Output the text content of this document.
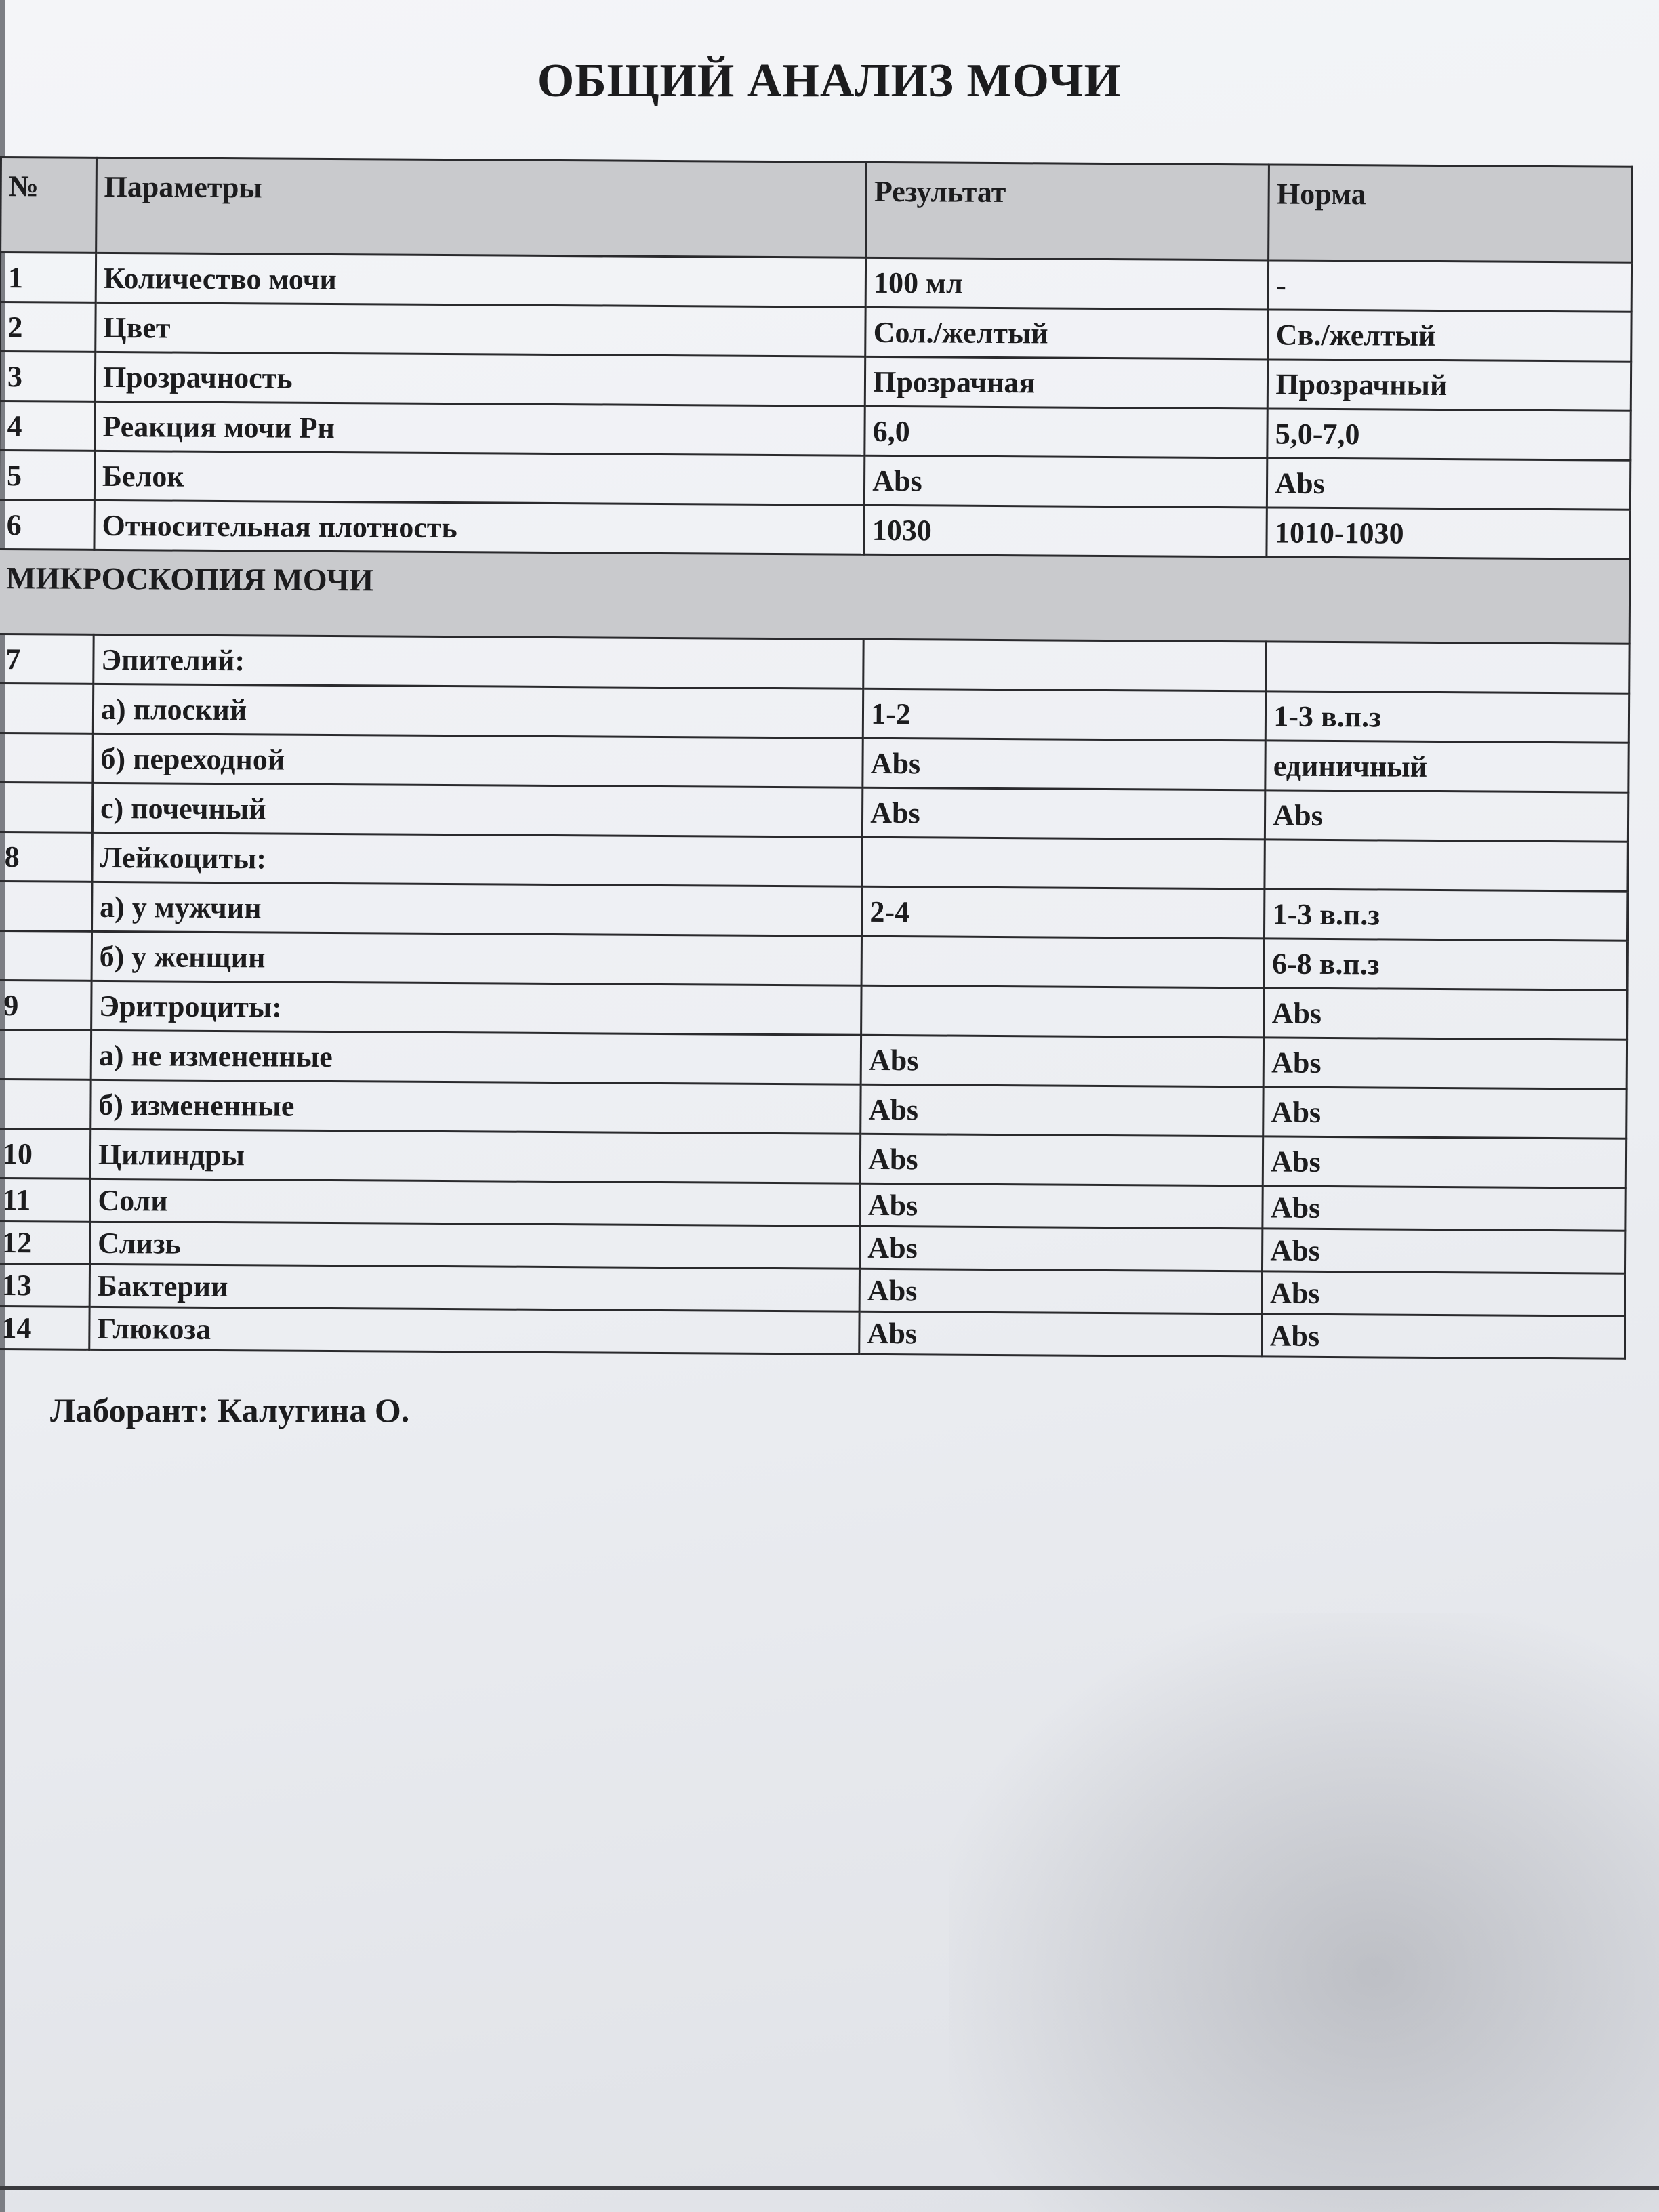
ОБЩИЙ АНАЛИЗ МОЧИ
№	Параметры	Результат	Норма
1	Количество мочи	100 мл	-
2	Цвет	Сол./желтый	Св./желтый
3	Прозрачность	Прозрачная	Прозрачный
4	Реакция мочи Рн	6,0	5,0-7,0
5	Белок	Abs	Abs
6	Относительная плотность	1030	1010-1030
МИКРОСКОПИЯ МОЧИ			
7	Эпителий:		
	а) плоский	1-2	1-3 в.п.з
	б) переходной	Abs	единичный
	с) почечный	Abs	Abs
8	Лейкоциты:		
	а) у мужчин	2-4	1-3 в.п.з
	б) у женщин		6-8 в.п.з
9	Эритроциты:		Abs
	а) не измененные	Abs	Abs
	б) измененные	Abs	Abs
10	Цилиндры	Abs	Abs
11	Соли	Abs	Abs
12	Слизь	Abs	Abs
13	Бактерии	Abs	Abs
14	Глюкоза	Abs	Abs
Лаборант: Калугина О.
